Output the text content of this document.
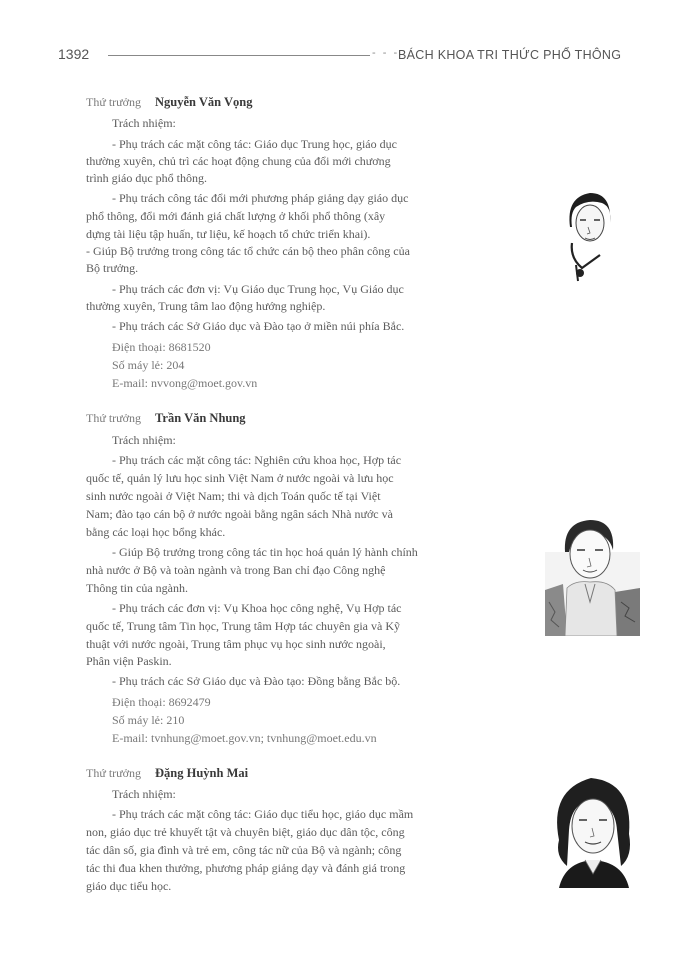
1392	- - -
BÁCH KHOA TRI THỨC PHỔ THÔNG
Thứ trưởng Nguyễn Văn Vọng
Trách nhiệm:
- Phụ trách các mặt công tác: Giáo dục Trung học, giáo dục
thường xuyên, chủ trì các hoạt động chung của đổi mới chương
trình giáo dục phổ thông.
- Phụ trách công tác đổi mới phương pháp giảng dạy giáo dục
phổ thông, đổi mới đánh giá chất lượng ở khối phổ thông (xây
dựng tài liệu tập huấn, tư liệu, kế hoạch tổ chức triển khai).
- Giúp Bộ trưởng trong công tác tổ chức cán bộ theo phân công của
Bộ trưởng.
- Phụ trách các đơn vị: Vụ Giáo dục Trung học, Vụ Giáo dục
thường xuyên, Trung tâm lao động hướng nghiệp.
- Phụ trách các Sở Giáo dục và Đào tạo ở miền núi phía Bắc.
Điện thoại: 8681520
Số máy lẻ: 204
E-mail: nvvong@moet.gov.vn
Thứ trưởng Trần Văn Nhung
Trách nhiệm:
- Phụ trách các mặt công tác: Nghiên cứu khoa học, Hợp tác
quốc tế, quản lý lưu học sinh Việt Nam ở nước ngoài và lưu học
sinh nước ngoài ở Việt Nam; thi và dịch Toán quốc tế tại Việt
Nam; đào tạo cán bộ ở nước ngoài bằng ngân sách Nhà nước và
bằng các loại học bổng khác.
- Giúp Bộ trưởng trong công tác tin học hoá quản lý hành chính
nhà nước ở Bộ và toàn ngành và trong Ban chỉ đạo Công nghệ
Thông tin của ngành.
- Phụ trách các đơn vị: Vụ Khoa học công nghệ, Vụ Hợp tác
quốc tế, Trung tâm Tin học, Trung tâm Hợp tác chuyên gia và Kỹ
thuật với nước ngoài, Trung tâm phục vụ học sinh nước ngoài,
Phân viện Paskin.
- Phụ trách các Sở Giáo dục và Đào tạo: Đồng bằng Bắc bộ.
Điện thoại: 8692479
Số máy lẻ: 210
E-mail: tvnhung@moet.gov.vn; tvnhung@moet.edu.vn
Thứ trưởng Đặng Huỳnh Mai
Trách nhiệm:
- Phụ trách các mặt công tác: Giáo dục tiểu học, giáo dục mầm
non, giáo dục trẻ khuyết tật và chuyên biệt, giáo dục dân tộc, công
tác dân số, gia đình và trẻ em, công tác nữ của Bộ và ngành; công
tác thi đua khen thưởng, phương pháp giảng dạy và đánh giá trong
giáo dục tiểu học.
